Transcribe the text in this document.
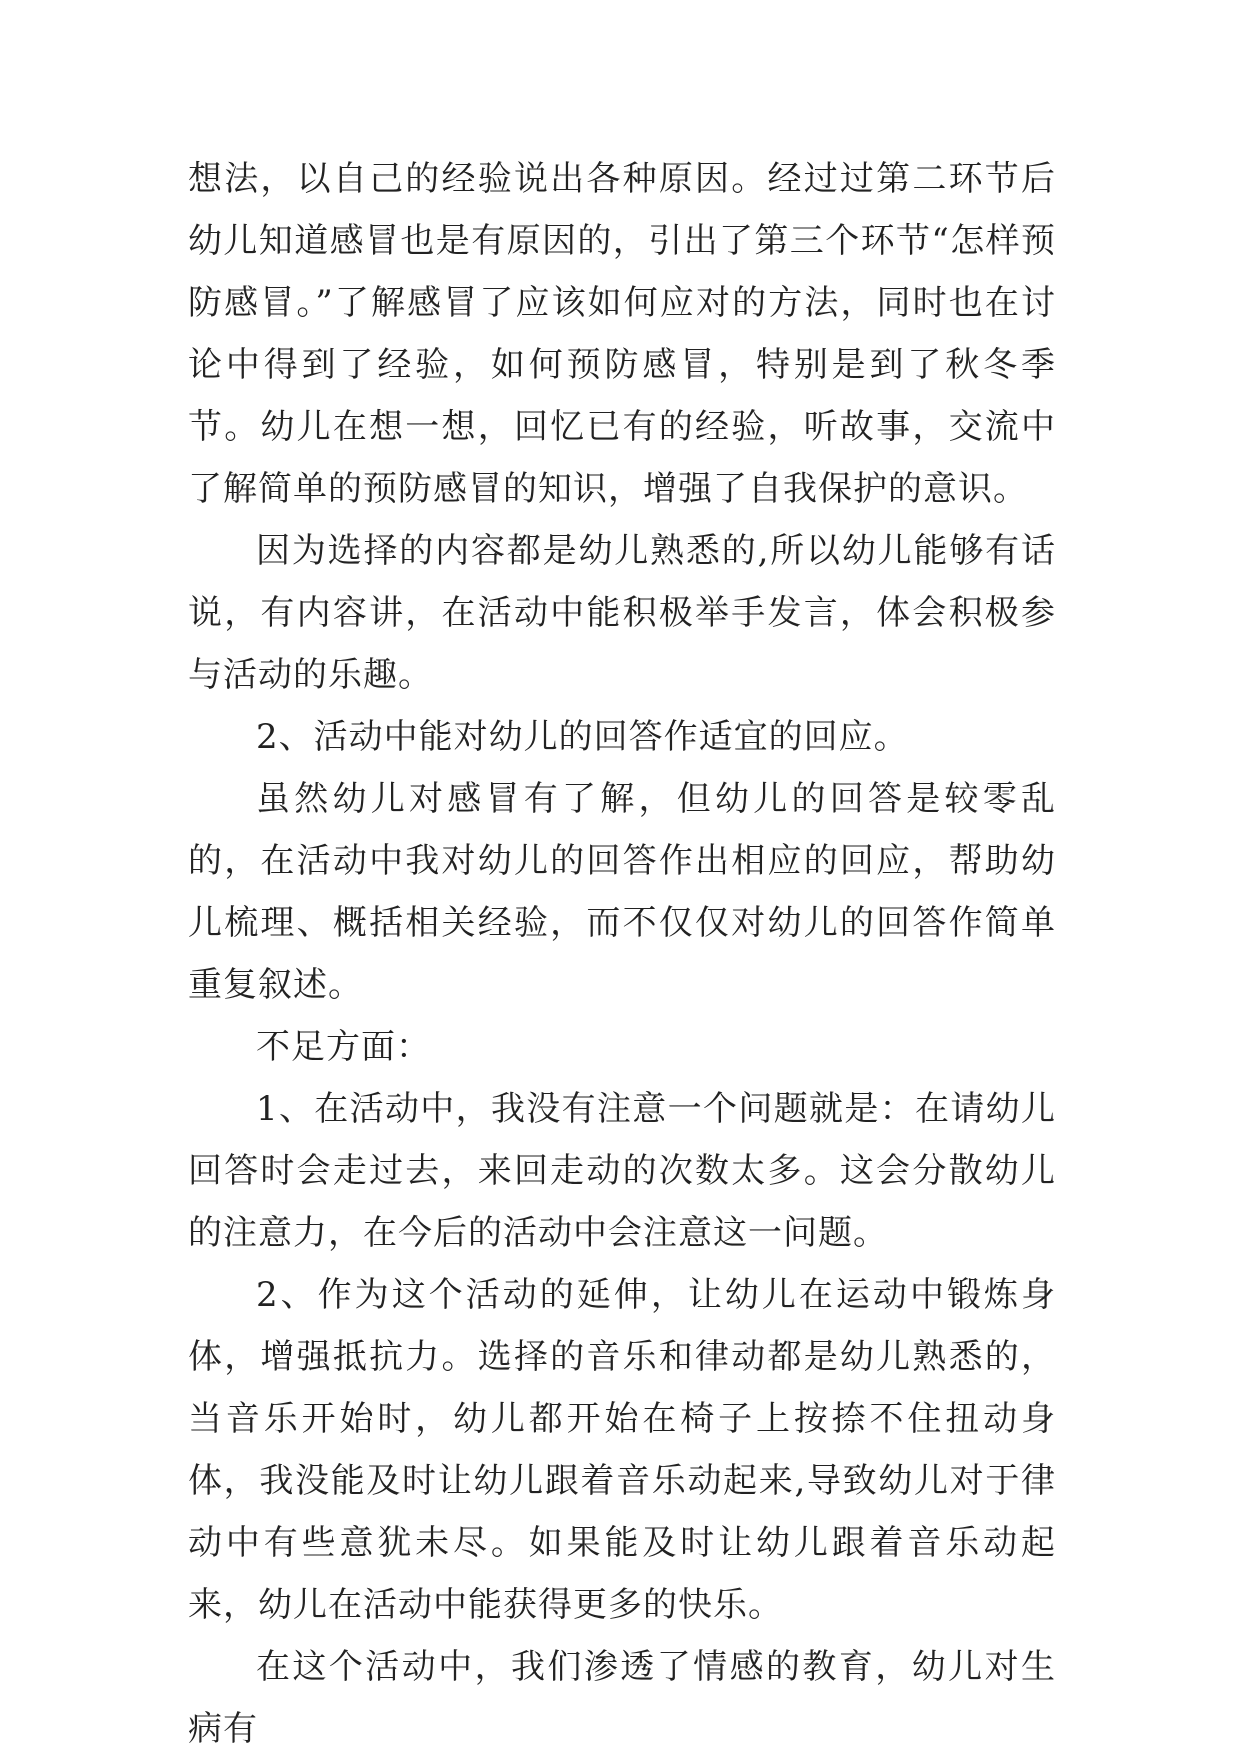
想法，以自己的经验说出各种原因。经过过第二环节后幼儿知道感冒也是有原因的，引出了第三个环节“怎样预防感冒。”了解感冒了应该如何应对的方法，同时也在讨论中得到了经验，如何预防感冒，特别是到了秋冬季节。幼儿在想一想，回忆已有的经验，听故事，交流中了解简单的预防感冒的知识，增强了自我保护的意识。

因为选择的内容都是幼儿熟悉的,所以幼儿能够有话说，有内容讲，在活动中能积极举手发言，体会积极参与活动的乐趣。

2、活动中能对幼儿的回答作适宜的回应。

虽然幼儿对感冒有了解，但幼儿的回答是较零乱的，在活动中我对幼儿的回答作出相应的回应，帮助幼儿梳理、概括相关经验，而不仅仅对幼儿的回答作简单重复叙述。

不足方面：

1、在活动中，我没有注意一个问题就是：在请幼儿回答时会走过去，来回走动的次数太多。这会分散幼儿的注意力，在今后的活动中会注意这一问题。

2、作为这个活动的延伸，让幼儿在运动中锻炼身体，增强抵抗力。选择的音乐和律动都是幼儿熟悉的，当音乐开始时，幼儿都开始在椅子上按捺不住扭动身体，我没能及时让幼儿跟着音乐动起来,导致幼儿对于律动中有些意犹未尽。如果能及时让幼儿跟着音乐动起来，幼儿在活动中能获得更多的快乐。

在这个活动中，我们渗透了情感的教育，幼儿对生病有
